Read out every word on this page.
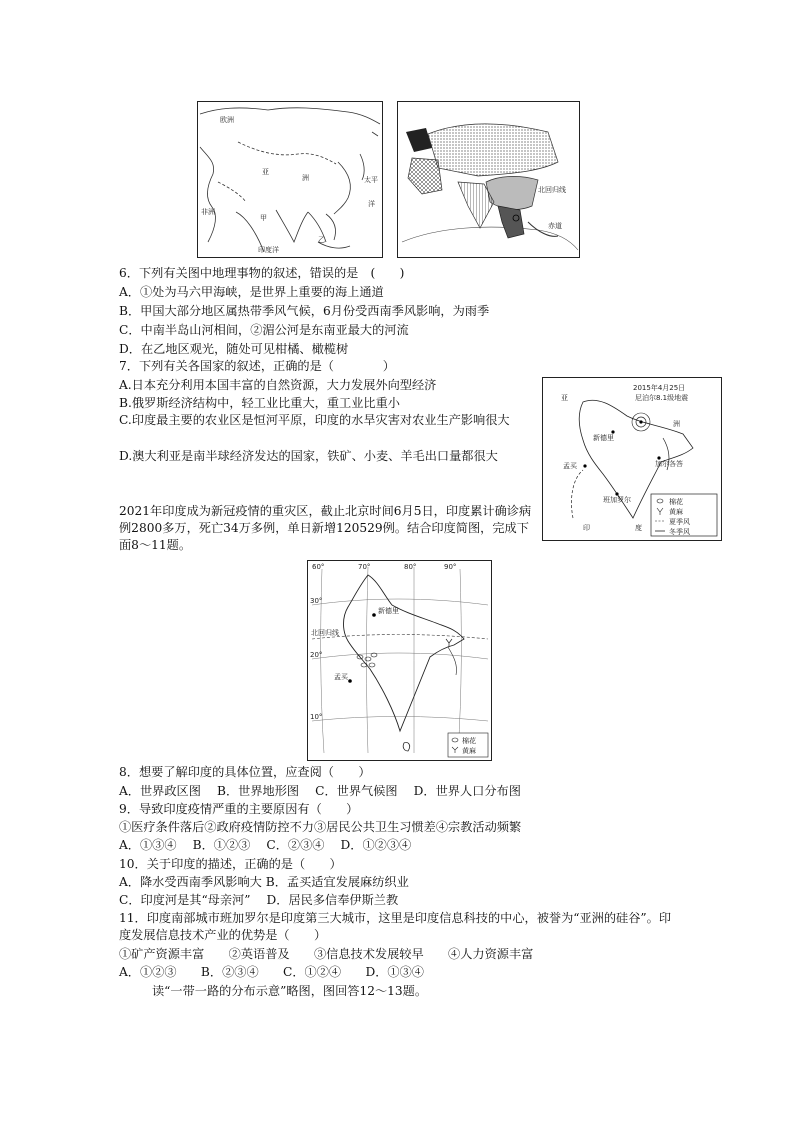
欧洲
亚
洲	太平
洋
非洲
甲
乙
印度洋
北回归线
赤道
6．下列有关图中地理事物的叙述，错误的是　(　　)
A．①处为马六甲海峡，是世界上重要的海上通道
B．甲国大部分地区属热带季风气候，6月份受西南季风影响，为雨季
C．中南半岛山河相间，②湄公河是东南亚最大的河流
D．在乙地区观光，随处可见柑橘、橄榄树
7．下列有关各国家的叙述，正确的是（　　　　）
A.日本充分利用本国丰富的自然资源，大力发展外向型经济
B.俄罗斯经济结构中，轻工业比重大，重工业比重小
C.印度最主要的农业区是恒河平原，印度的水旱灾害对农业生产影响很大
D.澳大利亚是南半球经济发达的国家，铁矿、小麦、羊毛出口量都很大
2015年4月25日
尼泊尔8.1级地震
亚
洲
新德里
孟买	加尔各答
班加罗尔
印	度
棉花
黄麻
夏季风
冬季风
2021年印度成为新冠疫情的重灾区，截止北京时间6月5日，印度累计确诊病例2800多万，死亡34万多例，单日新增120529例。结合印度简图，完成下面8～11题。
60°	70°	80°	90°
30°
20°
10°
北回归线
新德里
孟买
棉花
黄麻
8．想要了解印度的具体位置，应查阅（　　）
A．世界政区图　 B．世界地形图　 C．世界气候图　 D．世界人口分布图
9．导致印度疫情严重的主要原因有（　　）
①医疗条件落后②政府疫情防控不力③居民公共卫生习惯差④宗教活动频繁
A．①③④　 B．①②③　 C．②③④　 D．①②③④
10．关于印度的描述，正确的是（　　）
A．降水受西南季风影响大 B．孟买适宜发展麻纺织业
C．印度河是其“母亲河”　 D．居民多信奉伊斯兰教
11．印度南部城市班加罗尔是印度第三大城市，这里是印度信息科技的中心，被誉为“亚洲的硅谷”。印度发展信息技术产业的优势是（　　）
①矿产资源丰富　　②英语普及　　③信息技术发展较早　　④人力资源丰富
A．①②③　　B．②③④　　C．①②④　　D．①③④
读“一带一路的分布示意”略图，图回答12～13题。
